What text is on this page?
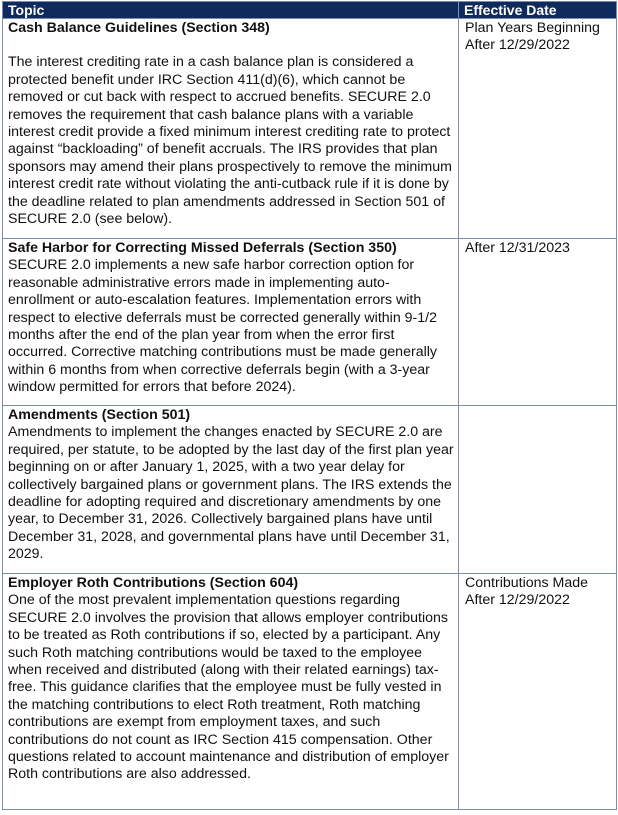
Topic	Effective Date

Cash Balance Guidelines (Section 348)
The interest crediting rate in a cash balance plan is considered a protected benefit under IRC Section 411(d)(6), which cannot be removed or cut back with respect to accrued benefits. SECURE 2.0 removes the requirement that cash balance plans with a variable interest credit provide a fixed minimum interest crediting rate to protect against “backloading” of benefit accruals. The IRS provides that plan sponsors may amend their plans prospectively to remove the minimum interest credit rate without violating the anti-cutback rule if it is done by the deadline related to plan amendments addressed in Section 501 of SECURE 2.0 (see below).	Plan Years Beginning
After 12/29/2022

Safe Harbor for Correcting Missed Deferrals (Section 350)
SECURE 2.0 implements a new safe harbor correction option for reasonable administrative errors made in implementing auto-enrollment or auto-escalation features. Implementation errors with respect to elective deferrals must be corrected generally within 9-1/2 months after the end of the plan year from when the error first occurred. Corrective matching contributions must be made generally within 6 months from when corrective deferrals begin (with a 3-year window permitted for errors that before 2024).	After 12/31/2023

Amendments (Section 501)
Amendments to implement the changes enacted by SECURE 2.0 are required, per statute, to be adopted by the last day of the first plan year beginning on or after January 1, 2025, with a two year delay for collectively bargained plans or government plans. The IRS extends the deadline for adopting required and discretionary amendments by one year, to December 31, 2026. Collectively bargained plans have until December 31, 2028, and governmental plans have until December 31, 2029.	

Employer Roth Contributions (Section 604)
One of the most prevalent implementation questions regarding SECURE 2.0 involves the provision that allows employer contributions to be treated as Roth contributions if so, elected by a participant. Any such Roth matching contributions would be taxed to the employee when received and distributed (along with their related earnings) tax-free. This guidance clarifies that the employee must be fully vested in the matching contributions to elect Roth treatment, Roth matching contributions are exempt from employment taxes, and such contributions do not count as IRC Section 415 compensation. Other questions related to account maintenance and distribution of employer Roth contributions are also addressed.	Contributions Made
After 12/29/2022
